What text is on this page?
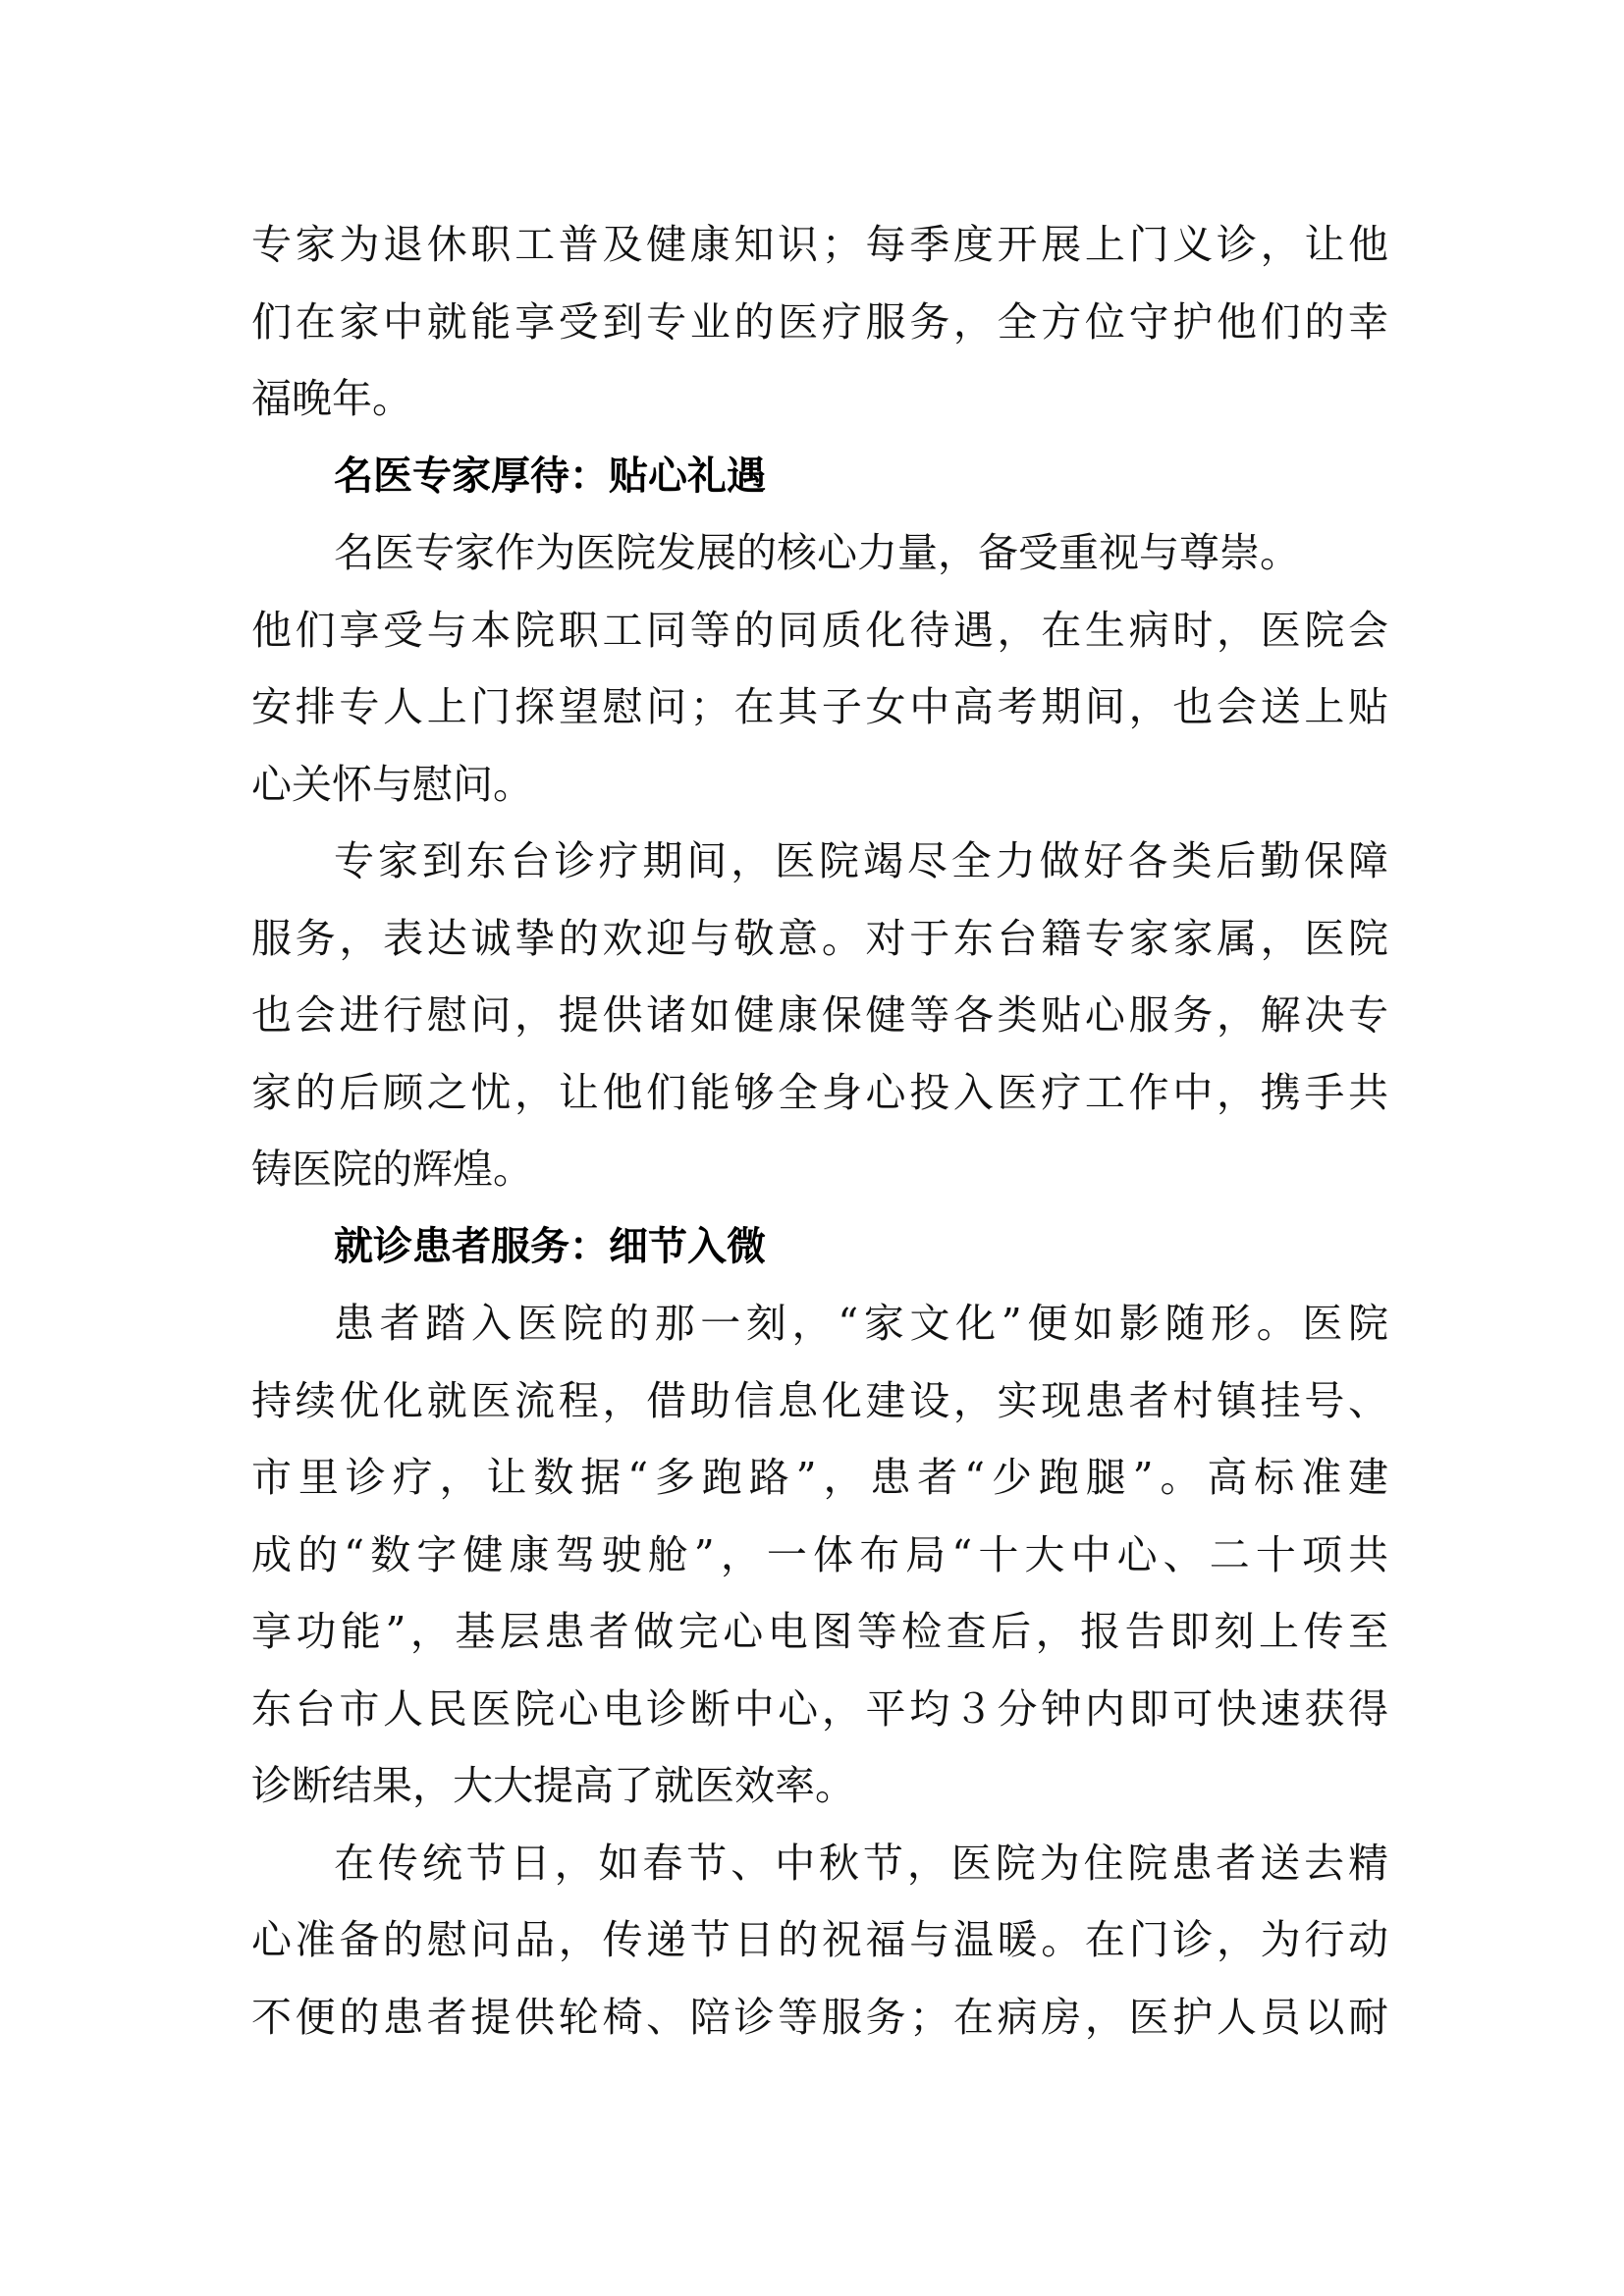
专家为退休职工普及健康知识；每季度开展上门义诊，让他
们在家中就能享受到专业的医疗服务，全方位守护他们的幸
福晚年。
名医专家厚待：贴心礼遇
名医专家作为医院发展的核心力量，备受重视与尊崇。
他们享受与本院职工同等的同质化待遇，在生病时，医院会
安排专人上门探望慰问；在其子女中高考期间，也会送上贴
心关怀与慰问。
专家到东台诊疗期间，医院竭尽全力做好各类后勤保障
服务，表达诚挚的欢迎与敬意。对于东台籍专家家属，医院
也会进行慰问，提供诸如健康保健等各类贴心服务，解决专
家的后顾之忧，让他们能够全身心投入医疗工作中，携手共
铸医院的辉煌。
就诊患者服务：细节入微
患者踏入医院的那一刻，“家文化”便如影随形。医院
持续优化就医流程，借助信息化建设，实现患者村镇挂号、
市里诊疗，让数据“多跑路”，患者“少跑腿”。高标准建
成的“数字健康驾驶舱”，一体布局“十大中心、二十项共
享功能”，基层患者做完心电图等检查后，报告即刻上传至
东台市人民医院心电诊断中心，平均３分钟内即可快速获得
诊断结果，大大提高了就医效率。
在传统节日，如春节、中秋节，医院为住院患者送去精
心准备的慰问品，传递节日的祝福与温暖。在门诊，为行动
不便的患者提供轮椅、陪诊等服务；在病房，医护人员以耐
